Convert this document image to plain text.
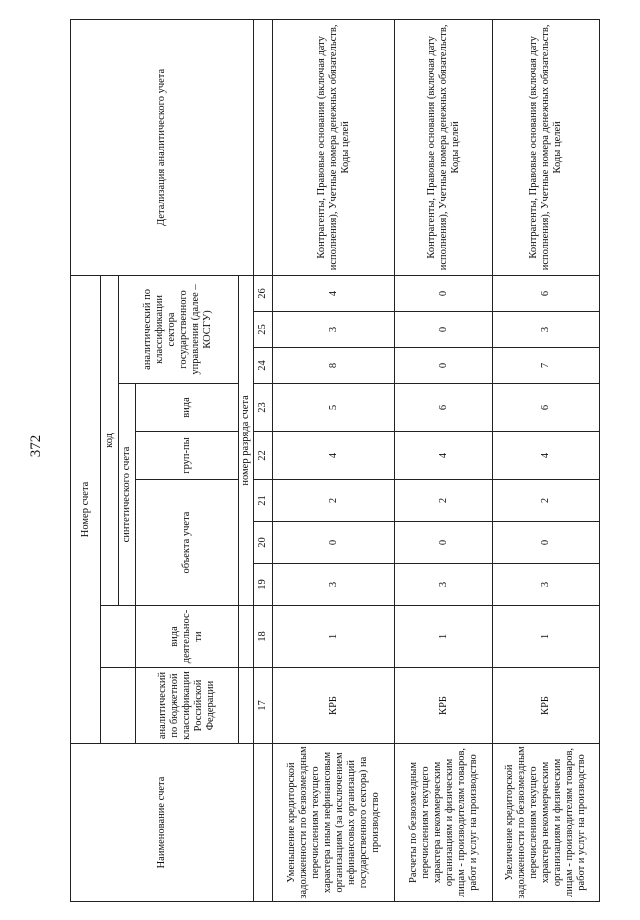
372
Наименование счета	Номер счета										Детализация аналитического учета
			код								
			синтетического счета					аналитический по классификации сектора государственного управления (далее – КОСГУ)			
	аналитический по бюджетной классификации Российской Федерации	вида деятельнос-ти	объекта учета			груп-пы	вида				
			номер разряда счета								
	17	18	19	20	21	22	23	24	25	26	
Уменьшение кредиторской задолженности по безвозмездным перечислениям текущего характера иным нефинансовым организациям (за исключением нефинансовых организаций государственного сектора) на производство	КРБ	1	3	0	2	4	5	8	3	4	Контрагенты, Правовые основания (включая дату исполнения), Учетные номера денежных обязательств, Коды целей
Расчеты по безвозмездным перечислениям текущего характера некоммерческим организациям и физическим лицам - производителям товаров, работ и услуг на производство	КРБ	1	3	0	2	4	6	0	0	0	Контрагенты, Правовые основания (включая дату исполнения), Учетные номера денежных обязательств, Коды целей
Увеличение кредиторской задолженности по безвозмездным перечислениям текущего характера некоммерческим организациям и физическим лицам - производителям товаров, работ и услуг на производство	КРБ	1	3	0	2	4	6	7	3	6	Контрагенты, Правовые основания (включая дату исполнения), Учетные номера денежных обязательств, Коды целей
